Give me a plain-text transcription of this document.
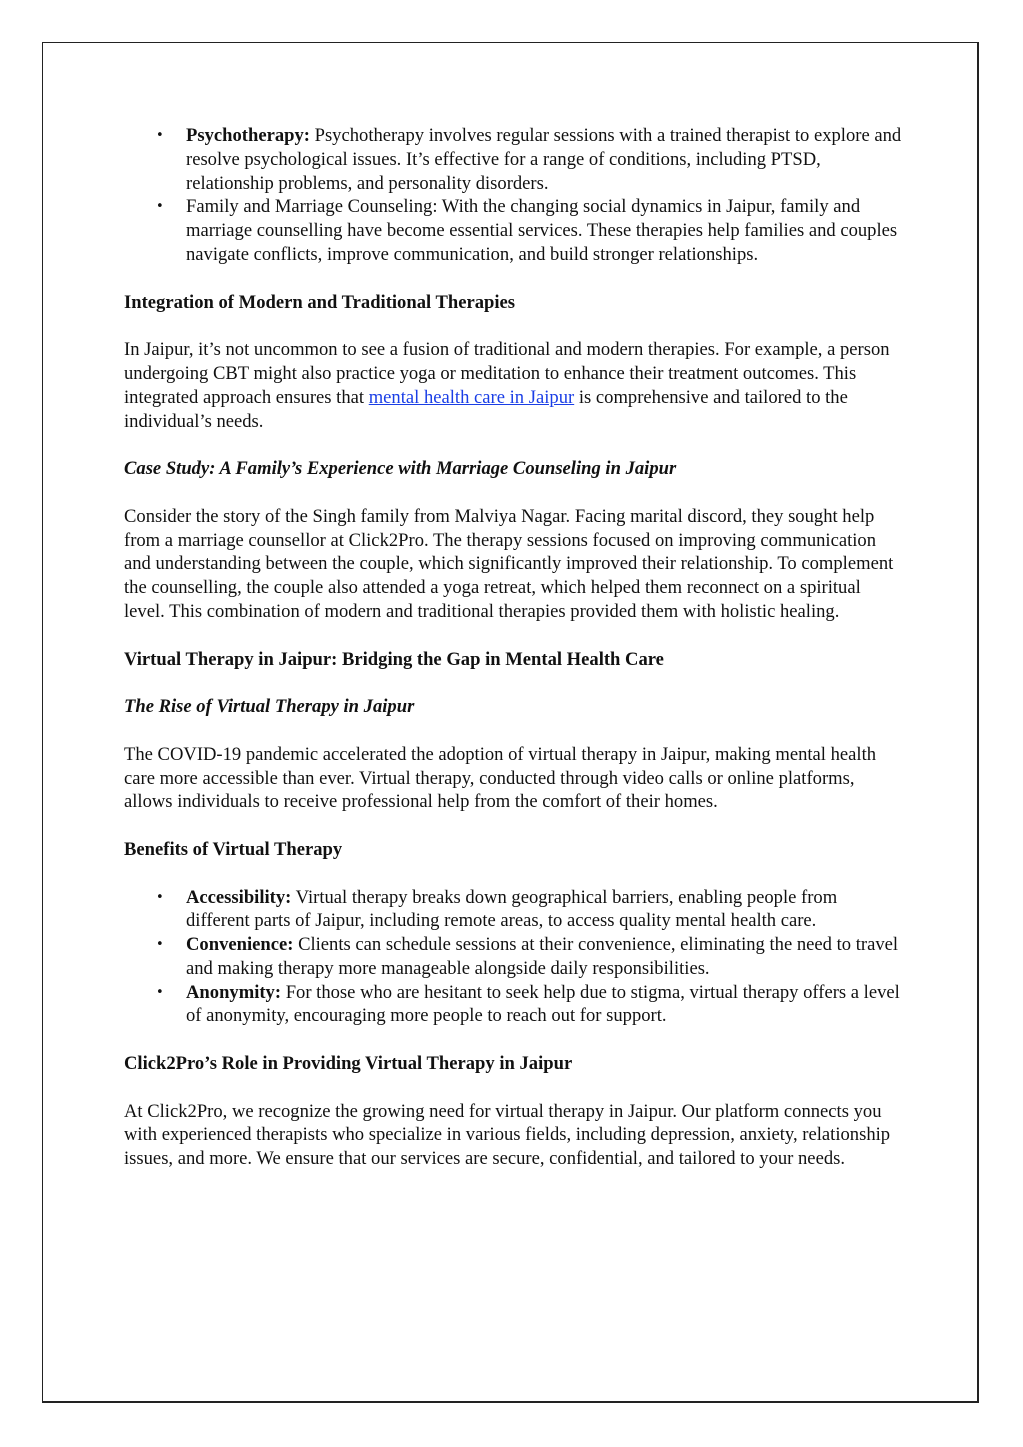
• Psychotherapy: Psychotherapy involves regular sessions with a trained therapist to explore and resolve psychological issues. It’s effective for a range of conditions, including PTSD, relationship problems, and personality disorders.
• Family and Marriage Counseling: With the changing social dynamics in Jaipur, family and marriage counselling have become essential services. These therapies help families and couples navigate conflicts, improve communication, and build stronger relationships.

Integration of Modern and Traditional Therapies

In Jaipur, it’s not uncommon to see a fusion of traditional and modern therapies. For example, a person undergoing CBT might also practice yoga or meditation to enhance their treatment outcomes. This integrated approach ensures that mental health care in Jaipur is comprehensive and tailored to the individual’s needs.

Case Study: A Family’s Experience with Marriage Counseling in Jaipur

Consider the story of the Singh family from Malviya Nagar. Facing marital discord, they sought help from a marriage counsellor at Click2Pro. The therapy sessions focused on improving communication and understanding between the couple, which significantly improved their relationship. To complement the counselling, the couple also attended a yoga retreat, which helped them reconnect on a spiritual level. This combination of modern and traditional therapies provided them with holistic healing.

Virtual Therapy in Jaipur: Bridging the Gap in Mental Health Care

The Rise of Virtual Therapy in Jaipur

The COVID-19 pandemic accelerated the adoption of virtual therapy in Jaipur, making mental health care more accessible than ever. Virtual therapy, conducted through video calls or online platforms, allows individuals to receive professional help from the comfort of their homes.

Benefits of Virtual Therapy

• Accessibility: Virtual therapy breaks down geographical barriers, enabling people from different parts of Jaipur, including remote areas, to access quality mental health care.
• Convenience: Clients can schedule sessions at their convenience, eliminating the need to travel and making therapy more manageable alongside daily responsibilities.
• Anonymity: For those who are hesitant to seek help due to stigma, virtual therapy offers a level of anonymity, encouraging more people to reach out for support.

Click2Pro’s Role in Providing Virtual Therapy in Jaipur

At Click2Pro, we recognize the growing need for virtual therapy in Jaipur. Our platform connects you with experienced therapists who specialize in various fields, including depression, anxiety, relationship issues, and more. We ensure that our services are secure, confidential, and tailored to your needs.
